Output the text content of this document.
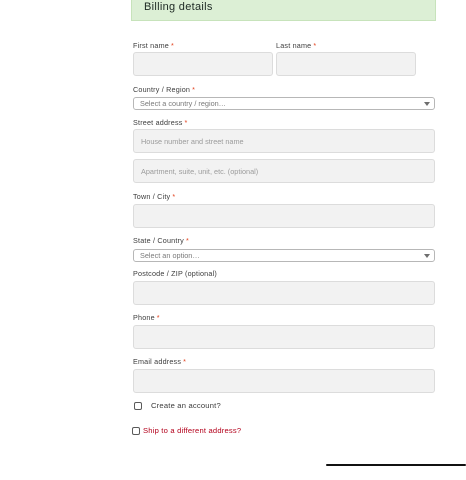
Billing details
First name *	Last name *
Country / Region *
Select a country / region…
Street address *
House number and street name
Apartment, suite, unit, etc. (optional)
Town / City *
State / Country *
Select an option…
Postcode / ZIP (optional)
Phone *
Email address *
Create an account?
Ship to a different address?
